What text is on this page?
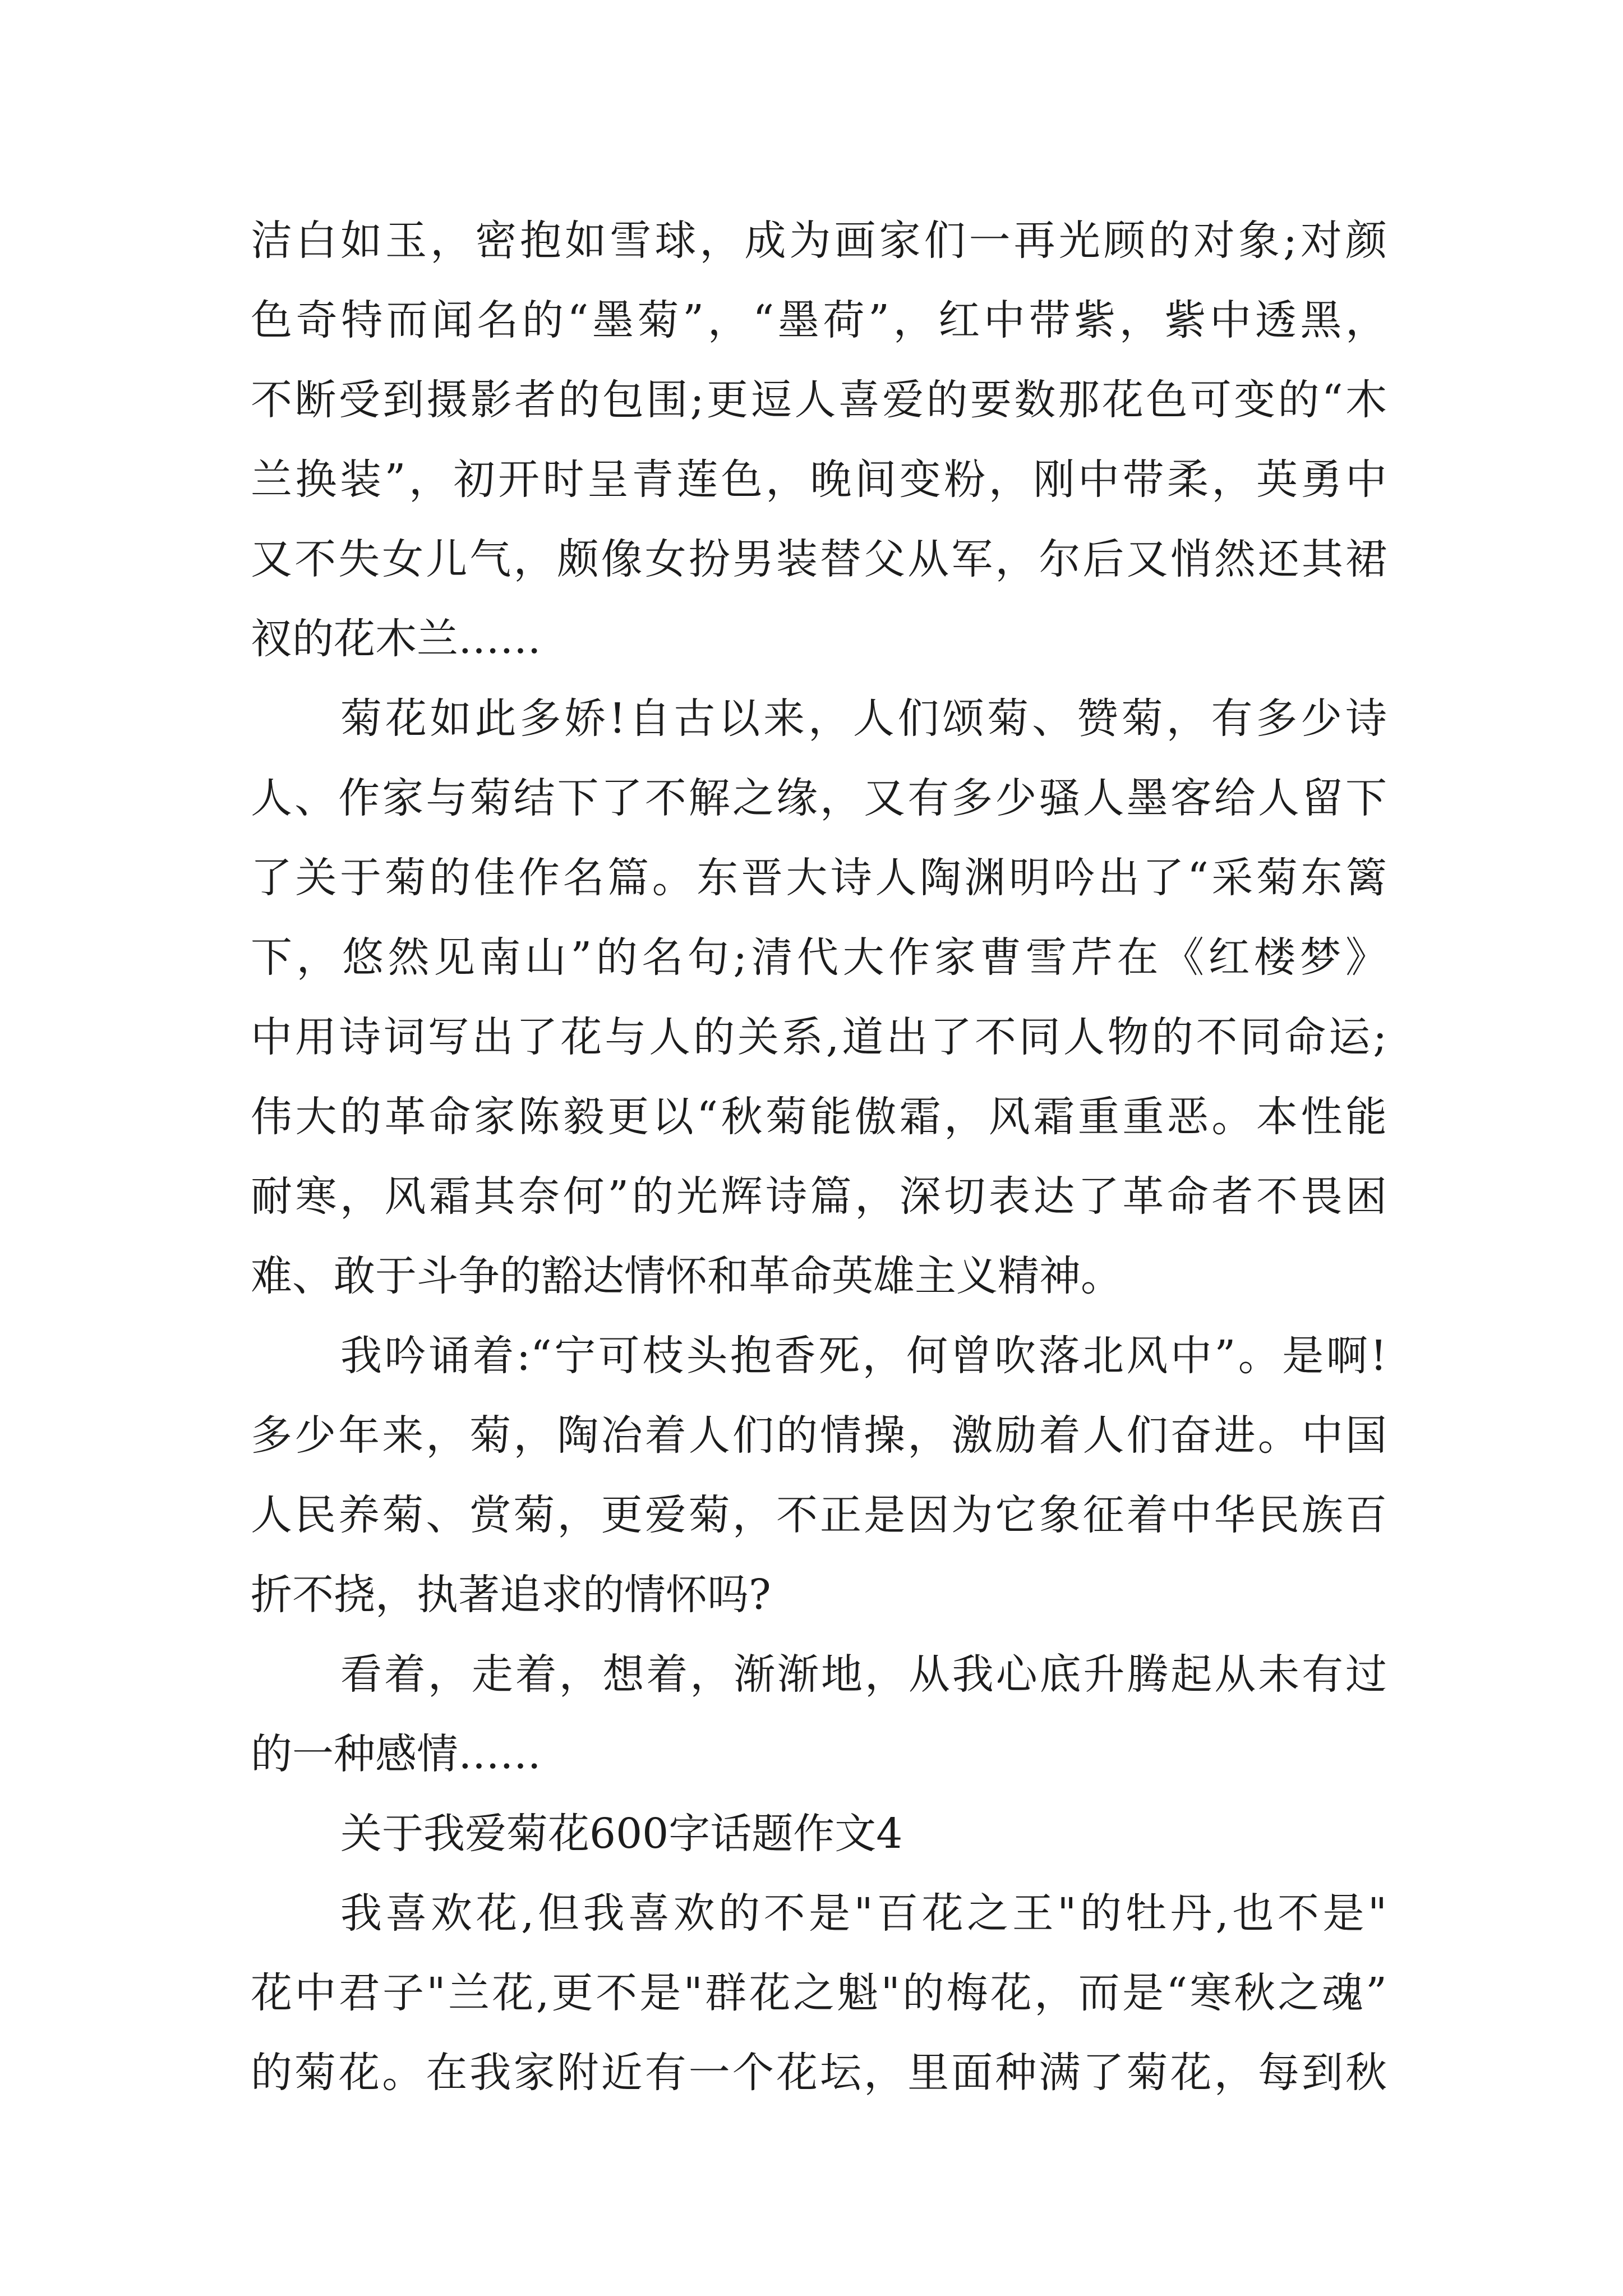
洁白如玉，密抱如雪球，成为画家们一再光顾的对象;对颜
色奇特而闻名的“墨菊”，“墨荷”，红中带紫，紫中透黑，
不断受到摄影者的包围;更逗人喜爱的要数那花色可变的“木
兰换装”，初开时呈青莲色，晚间变粉，刚中带柔，英勇中
又不失女儿气，颇像女扮男装替父从军，尔后又悄然还其裙
衩的花木兰……
菊花如此多娇!自古以来，人们颂菊、赞菊，有多少诗
人、作家与菊结下了不解之缘，又有多少骚人墨客给人留下
了关于菊的佳作名篇。东晋大诗人陶渊明吟出了“采菊东篱
下，悠然见南山”的名句;清代大作家曹雪芹在《红楼梦》
中用诗词写出了花与人的关系,道出了不同人物的不同命运;
伟大的革命家陈毅更以“秋菊能傲霜，风霜重重恶。本性能
耐寒，风霜其奈何”的光辉诗篇，深切表达了革命者不畏困
难、敢于斗争的豁达情怀和革命英雄主义精神。
我吟诵着:“宁可枝头抱香死，何曾吹落北风中”。是啊!
多少年来，菊，陶冶着人们的情操，激励着人们奋进。中国
人民养菊、赏菊，更爱菊，不正是因为它象征着中华民族百
折不挠，执著追求的情怀吗?
看着，走着，想着，渐渐地，从我心底升腾起从未有过
的一种感情……
关于我爱菊花600字话题作文4
我喜欢花,但我喜欢的不是"百花之王"的牡丹,也不是"
花中君子"兰花,更不是"群花之魁"的梅花，而是“寒秋之魂”
的菊花。在我家附近有一个花坛，里面种满了菊花，每到秋
